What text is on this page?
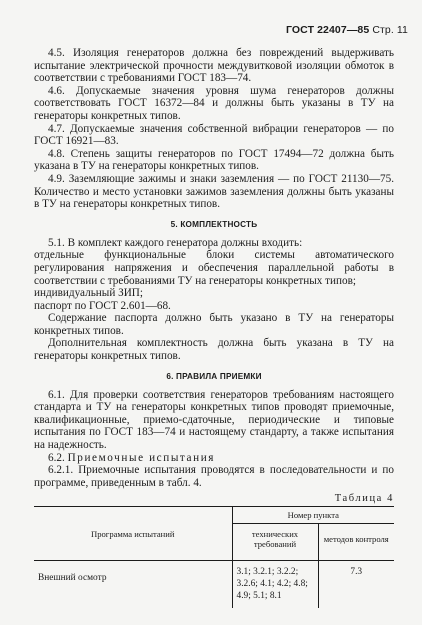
ГОСТ 22407—85 Стр. 11

4.5. Изоляция генераторов должна без повреждений выдерживать испытание электрической прочности междувитковой изоляции обмоток в соответствии с требованиями ГОСТ 183—74.

4.6. Допускаемые значения уровня шума генераторов должны соответствовать ГОСТ 16372—84 и должны быть указаны в ТУ на генераторы конкретных типов.

4.7. Допускаемые значения собственной вибрации генераторов — по ГОСТ 16921—83.

4.8. Степень защиты генераторов по ГОСТ 17494—72 должна быть указана в ТУ на генераторы конкретных типов.

4.9. Заземляющие зажимы и знаки заземления — по ГОСТ 21130—75. Количество и место установки зажимов заземления должны быть указаны в ТУ на генераторы конкретных типов.

5. КОМПЛЕКТНОСТЬ

5.1. В комплект каждого генератора должны входить:

отдельные функциональные блоки системы автоматического регулирования напряжения и обеспечения параллельной работы в соответствии с требованиями ТУ на генераторы конкретных типов;

индивидуальный ЗИП;

паспорт по ГОСТ 2.601—68.

Содержание паспорта должно быть указано в ТУ на генераторы конкретных типов.

Дополнительная комплектность должна быть указана в ТУ на генераторы конкретных типов.

6. ПРАВИЛА ПРИЕМКИ

6.1. Для проверки соответствия генераторов требованиям настоящего стандарта и ТУ на генераторы конкретных типов проводят приемочные, квалификационные, приемо-сдаточные, периодические и типовые испытания по ГОСТ 183—74 и настоящему стандарту, а также испытания на надежность.

6.2. Приемочные испытания

6.2.1. Приемочные испытания проводятся в последовательности и по программе, приведенным в табл. 4.

Таблица 4
Программа испытаний	Номер пункта	
	технических требований	методов контроля
Внешний осмотр	3.1; 3.2.1; 3.2.2; 3.2.6; 4.1; 4.2; 4.8; 4.9; 5.1; 8.1	7.3
